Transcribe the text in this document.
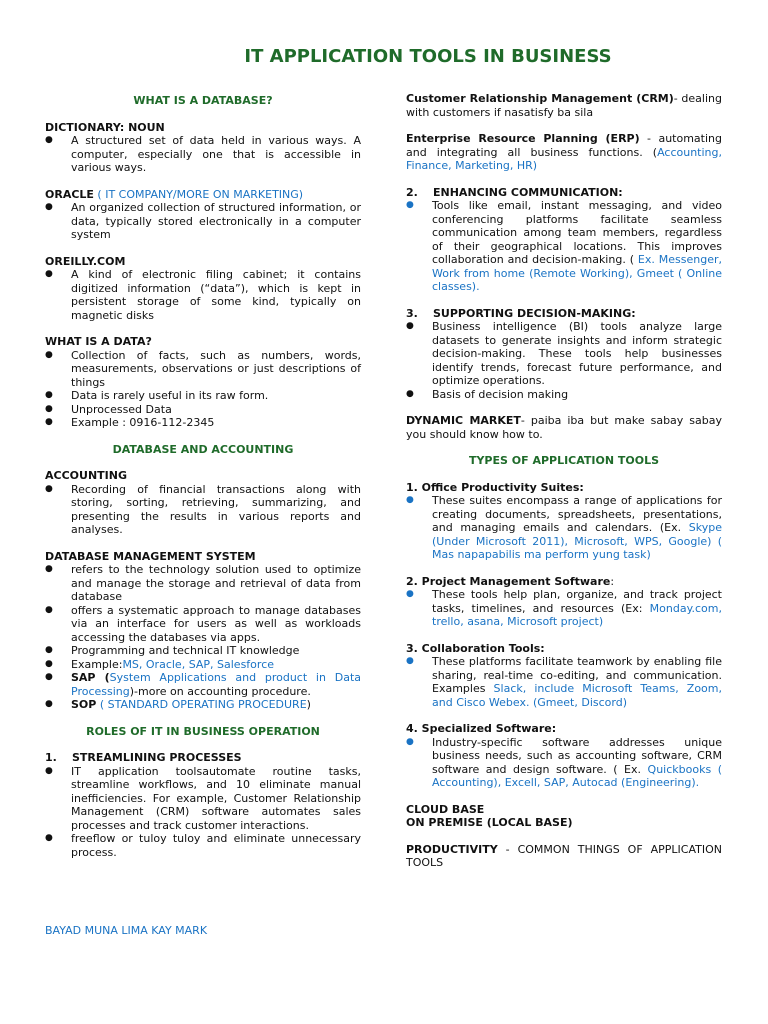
IT APPLICATION TOOLS IN BUSINESS
WHAT IS A DATABASE?
DICTIONARY: NOUN
● A structured set of data held in various ways. A computer, especially one that is accessible in various ways.
ORACLE ( IT COMPANY/MORE ON MARKETING)
● An organized collection of structured information, or data, typically stored electronically in a computer system
OREILLY.COM
● A kind of electronic filing cabinet; it contains digitized information (“data”), which is kept in persistent storage of some kind, typically on magnetic disks
WHAT IS A DATA?
● Collection of facts, such as numbers, words, measurements, observations or just descriptions of things
● Data is rarely useful in its raw form.
● Unprocessed Data
● Example : 0916-112-2345
DATABASE AND ACCOUNTING
ACCOUNTING
● Recording of financial transactions along with storing, sorting, retrieving, summarizing, and presenting the results in various reports and analyses.
DATABASE MANAGEMENT SYSTEM
● refers to the technology solution used to optimize and manage the storage and retrieval of data from database
● offers a systematic approach to manage databases via an interface for users as well as workloads accessing the databases via apps.
● Programming and technical IT knowledge
● Example:MS, Oracle, SAP, Salesforce
● SAP (System Applications and product in Data Processing)-more on accounting procedure.
● SOP ( STANDARD OPERATING PROCEDURE)
ROLES OF IT IN BUSINESS OPERATION
1. STREAMLINING PROCESSES
● IT application toolsautomate routine tasks, streamline workflows, and 10 eliminate manual inefficiencies. For example, Customer Relationship Management (CRM) software automates sales processes and track customer interactions.
● freeflow or tuloy tuloy and eliminate unnecessary process.
BAYAD MUNA LIMA KAY MARK
Customer Relationship Management (CRM)- dealing with customers if nasatisfy ba sila
Enterprise Resource Planning (ERP) - automating and integrating all business functions. (Accounting, Finance, Marketing, HR)
2. ENHANCING COMMUNICATION:
● Tools like email, instant messaging, and video conferencing platforms facilitate seamless communication among team members, regardless of their geographical locations. This improves collaboration and decision-making. ( Ex. Messenger, Work from home (Remote Working), Gmeet ( Online classes).
3. SUPPORTING DECISION-MAKING:
● Business intelligence (BI) tools analyze large datasets to generate insights and inform strategic decision-making. These tools help businesses identify trends, forecast future performance, and optimize operations.
● Basis of decision making
DYNAMIC MARKET- paiba iba but make sabay sabay you should know how to.
TYPES OF APPLICATION TOOLS
1. Office Productivity Suites:
● These suites encompass a range of applications for creating documents, spreadsheets, presentations, and managing emails and calendars. (Ex. Skype (Under Microsoft 2011), Microsoft, WPS, Google) ( Mas napapabilis ma perform yung task)
2. Project Management Software:
● These tools help plan, organize, and track project tasks, timelines, and resources (Ex: Monday.com, trello, asana, Microsoft project)
3. Collaboration Tools:
● These platforms facilitate teamwork by enabling file sharing, real-time co-editing, and communication. Examples Slack, include Microsoft Teams, Zoom, and Cisco Webex. (Gmeet, Discord)
4. Specialized Software:
● Industry-specific software addresses unique business needs, such as accounting software, CRM software and design software. ( Ex. Quickbooks ( Accounting), Excell, SAP, Autocad (Engineering).
CLOUD BASE
ON PREMISE (LOCAL BASE)
PRODUCTIVITY - COMMON THINGS OF APPLICATION TOOLS
